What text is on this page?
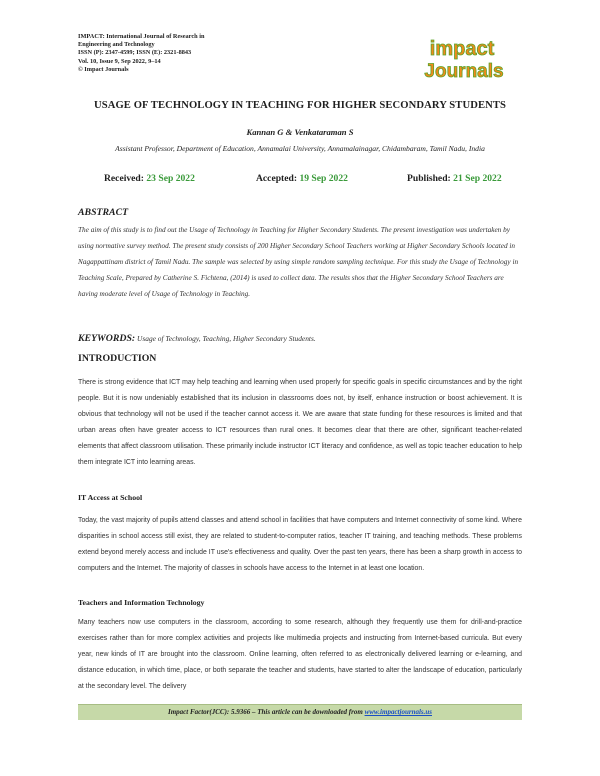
IMPACT: International Journal of Research in
Engineering and Technology
ISSN (P): 2347-4599; ISSN (E): 2321-8843
Vol. 10, Issue 9, Sep 2022, 9–14
© Impact Journals
impact
Journals
USAGE OF TECHNOLOGY IN TEACHING FOR HIGHER SECONDARY STUDENTS
Kannan G & Venkataraman S
Assistant Professor, Department of Education, Annamalai University, Annamalainagar, Chidambaram, Tamil Nadu, India
Received: 23 Sep 2022	Accepted: 19 Sep 2022	Published: 21 Sep 2022
ABSTRACT
The aim of this study is to find out the Usage of Technology in Teaching for Higher Secondary Students. The present investigation was undertaken by using normative survey method. The present study consists of 200 Higher Secondary School Teachers working at Higher Secondary Schools located in Nagappattinam district of Tamil Nadu. The sample was selected by using simple random sampling technique. For this study the Usage of Technology in Teaching Scale, Prepared by Catherine S. Fichtena, (2014) is used to collect data. The results shos that the Higher Secondary School Teachers are having moderate level of Usage of Technology in Teaching.
KEYWORDS: Usage of Technology, Teaching, Higher Secondary Students.
INTRODUCTION
There is strong evidence that ICT may help teaching and learning when used properly for specific goals in specific circumstances and by the right people. But it is now undeniably established that its inclusion in classrooms does not, by itself, enhance instruction or boost achievement. It is obvious that technology will not be used if the teacher cannot access it. We are aware that state funding for these resources is limited and that urban areas often have greater access to ICT resources than rural ones. It becomes clear that there are other, significant teacher-related elements that affect classroom utilisation. These primarily include instructor ICT literacy and confidence, as well as topic teacher education to help them integrate ICT into learning areas.
IT Access at School
Today, the vast majority of pupils attend classes and attend school in facilities that have computers and Internet connectivity of some kind. Where disparities in school access still exist, they are related to student-to-computer ratios, teacher IT training, and teaching methods. These problems extend beyond merely access and include IT use's effectiveness and quality. Over the past ten years, there has been a sharp growth in access to computers and the Internet. The majority of classes in schools have access to the Internet in at least one location.
Teachers and Information Technology
Many teachers now use computers in the classroom, according to some research, although they frequently use them for drill-and-practice exercises rather than for more complex activities and projects like multimedia projects and instructing from Internet-based curricula. But every year, new kinds of IT are brought into the classroom. Online learning, often referred to as electronically delivered learning or e-learning, and distance education, in which time, place, or both separate the teacher and students, have started to alter the landscape of education, particularly at the secondary level. The delivery
Impact Factor(JCC): 5.9366 – This article can be downloaded from www.impactjournals.us
